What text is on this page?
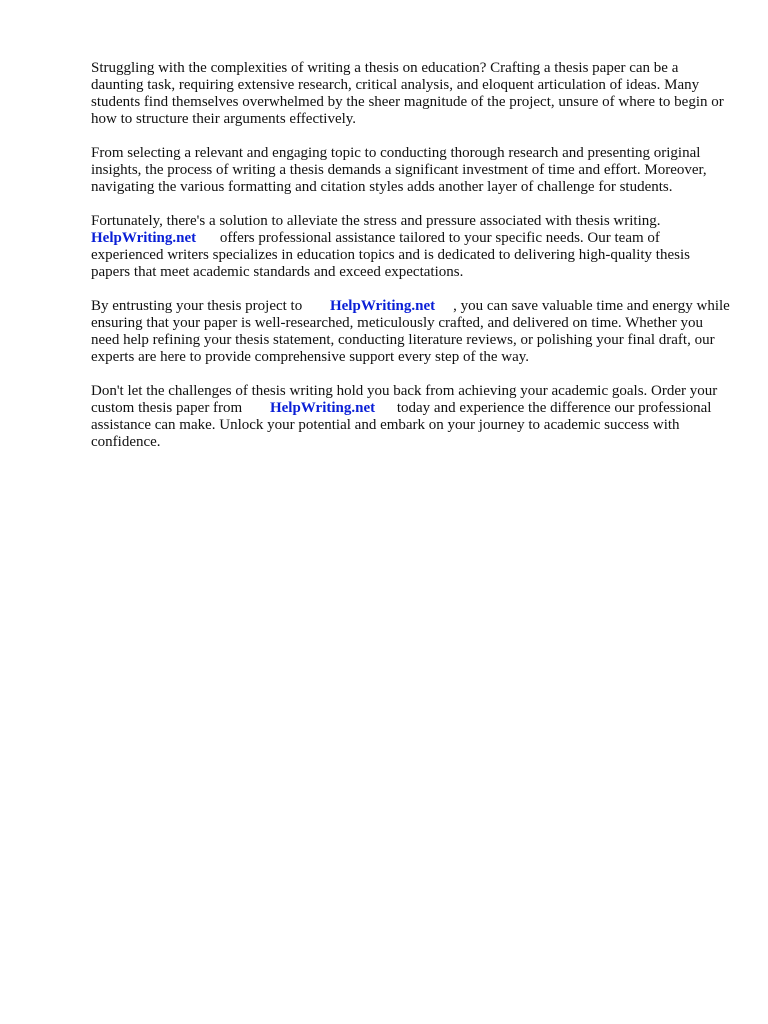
Struggling with the complexities of writing a thesis on education? Crafting a thesis paper can be a daunting task, requiring extensive research, critical analysis, and eloquent articulation of ideas. Many students find themselves overwhelmed by the sheer magnitude of the project, unsure of where to begin or how to structure their arguments effectively.

From selecting a relevant and engaging topic to conducting thorough research and presenting original insights, the process of writing a thesis demands a significant investment of time and effort. Moreover, navigating the various formatting and citation styles adds another layer of challenge for students.

Fortunately, there's a solution to alleviate the stress and pressure associated with thesis writing.
HelpWriting.net offers professional assistance tailored to your specific needs. Our team of experienced writers specializes in education topics and is dedicated to delivering high-quality thesis papers that meet academic standards and exceed expectations.

By entrusting your thesis project to HelpWriting.net , you can save valuable time and energy while ensuring that your paper is well-researched, meticulously crafted, and delivered on time. Whether you need help refining your thesis statement, conducting literature reviews, or polishing your final draft, our experts are here to provide comprehensive support every step of the way.

Don't let the challenges of thesis writing hold you back from achieving your academic goals. Order your custom thesis paper from HelpWriting.net today and experience the difference our professional assistance can make. Unlock your potential and embark on your journey to academic success with confidence.
